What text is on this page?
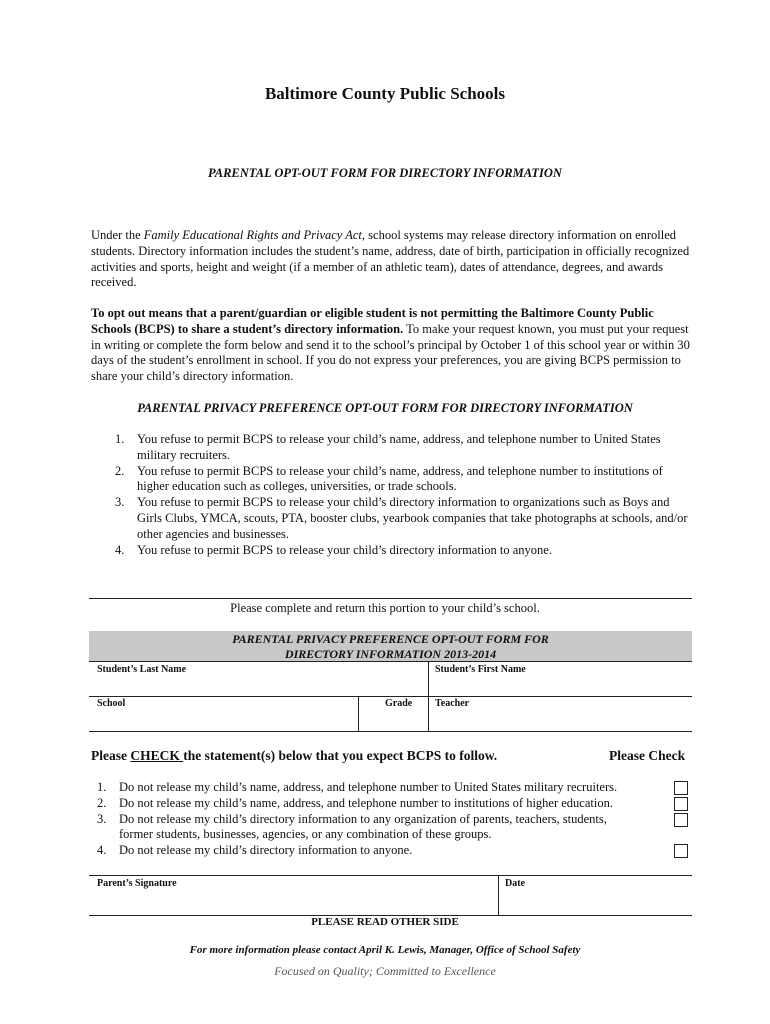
Baltimore County Public Schools
PARENTAL OPT-OUT FORM FOR DIRECTORY INFORMATION
Under the Family Educational Rights and Privacy Act, school systems may release directory information on enrolled students. Directory information includes the student’s name, address, date of birth, participation in officially recognized activities and sports, height and weight (if a member of an athletic team), dates of attendance, degrees, and awards received.
To opt out means that a parent/guardian or eligible student is not permitting the Baltimore County Public Schools (BCPS) to share a student’s directory information. To make your request known, you must put your request in writing or complete the form below and send it to the school’s principal by October 1 of this school year or within 30 days of the student’s enrollment in school. If you do not express your preferences, you are giving BCPS permission to share your child’s directory information.
PARENTAL PRIVACY PREFERENCE OPT-OUT FORM FOR DIRECTORY INFORMATION
1. You refuse to permit BCPS to release your child’s name, address, and telephone number to United States military recruiters.
2. You refuse to permit BCPS to release your child’s name, address, and telephone number to institutions of higher education such as colleges, universities, or trade schools.
3. You refuse to permit BCPS to release your child’s directory information to organizations such as Boys and Girls Clubs, YMCA, scouts, PTA, booster clubs, yearbook companies that take photographs at schools, and/or other agencies and businesses.
4. You refuse to permit BCPS to release your child’s directory information to anyone.
Please complete and return this portion to your child’s school.
PARENTAL PRIVACY PREFERENCE OPT-OUT FORM FOR
DIRECTORY INFORMATION 2013-2014
Student’s Last Name	Student’s First Name
School	Grade Teacher
Please CHECK the statement(s) below that you expect BCPS to follow.	Please Check
1. Do not release my child’s name, address, and telephone number to United States military recruiters.
2. Do not release my child’s name, address, and telephone number to institutions of higher education.
3. Do not release my child’s directory information to any organization of parents, teachers, students, former students, businesses, agencies, or any combination of these groups.
4. Do not release my child’s directory information to anyone.
Parent’s Signature	Date
PLEASE READ OTHER SIDE
For more information please contact April K. Lewis, Manager, Office of School Safety
Focused on Quality; Committed to Excellence
